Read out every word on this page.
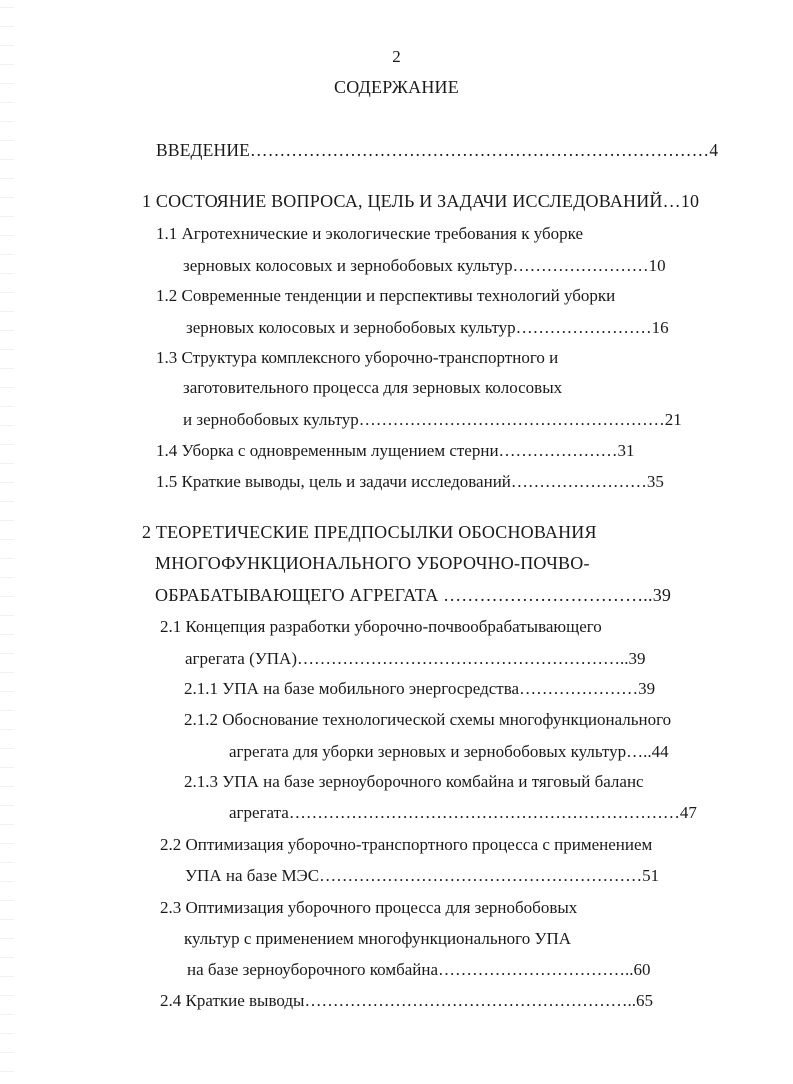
2
СОДЕРЖАНИЕ
ВВЕДЕНИЕ……………………………………………………………………4
1 СОСТОЯНИЕ ВОПРОСА, ЦЕЛЬ И ЗАДАЧИ ИССЛЕДОВАНИЙ…10
1.1 Агротехнические и экологические требования к уборке
зерновых колосовых и зернобобовых культур……………………10
1.2 Современные тенденции и перспективы технологий уборки
зерновых колосовых и зернобобовых культур……………………16
1.3 Структура комплексного уборочно-транспортного и
заготовительного процесса для зерновых колосовых
и зернобобовых культур………………………………………………21
1.4 Уборка с одновременным лущением стерни…………………31
1.5 Краткие выводы, цель и задачи исследований……………………35
2 ТЕОРЕТИЧЕСКИЕ ПРЕДПОСЫЛКИ ОБОСНОВАНИЯ
МНОГОФУНКЦИОНАЛЬНОГО УБОРОЧНО-ПОЧВО-
ОБРАБАТЫВАЮЩЕГО АГРЕГАТА ……………………………..39
2.1 Концепция разработки уборочно-почвообрабатывающего
агрегата (УПА)…………………………………………………..39
2.1.1 УПА на базе мобильного энергосредства…………………39
2.1.2 Обоснование технологической схемы многофункционального
агрегата для уборки зерновых и зернобобовых культур…..44
2.1.3 УПА на базе зерноуборочного комбайна и тяговый баланс
агрегата……………………………………………………………47
2.2 Оптимизация уборочно-транспортного процесса с применением
УПА на базе МЭС…………………………………………………51
2.3 Оптимизация уборочного процесса для зернобобовых
культур с применением многофункционального УПА
на базе зерноуборочного комбайна……………………………..60
2.4 Краткие выводы…………………………………………………..65
